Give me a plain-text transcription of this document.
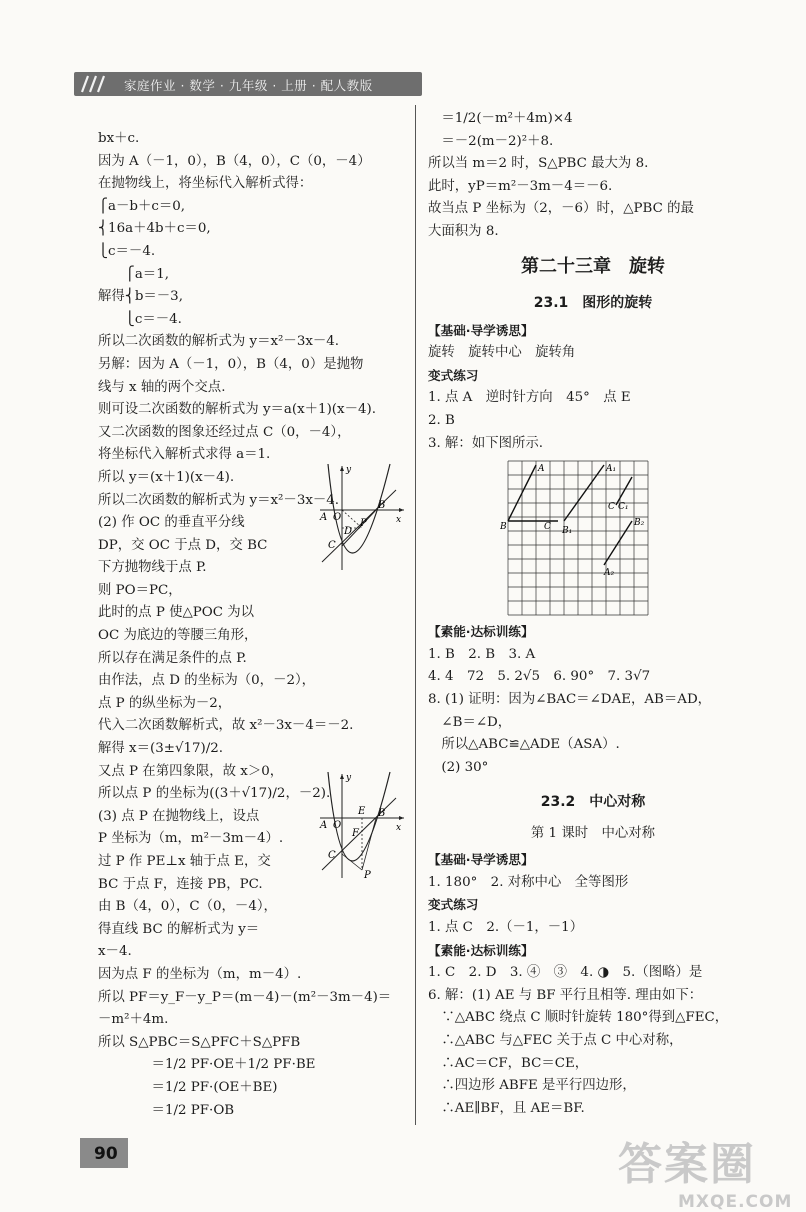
家庭作业 · 数学 · 九年级 · 上册 · 配人教版
bx＋c.
因为 A（－1，0），B（4，0），C（0，－4）
在抛物线上，将坐标代入解析式得：
⎧a－b＋c＝0,
⎨16a＋4b＋c＝0,
⎩c＝－4.
　　⎧a＝1,
解得⎨b＝－3,
　　⎩c＝－4.
所以二次函数的解析式为 y＝x²－3x－4.
另解：因为 A（－1，0），B（4，0）是抛物
线与 x 轴的两个交点.
则可设二次函数的解析式为 y＝a(x＋1)(x－4).
又二次函数的图象还经过点 C（0，－4），
将坐标代入解析式求得 a＝1.
所以 y＝(x＋1)(x－4).
所以二次函数的解析式为 y＝x²－3x－4.
(2) 作 OC 的垂直平分线
DP，交 OC 于点 D，交 BC
下方抛物线于点 P.
则 PO＝PC，
此时的点 P 使△POC 为以
OC 为底边的等腰三角形，
所以存在满足条件的点 P.
由作法，点 D 的坐标为（0，－2），
点 P 的纵坐标为－2，
代入二次函数解析式，故 x²－3x－4＝－2.
解得 x＝(3±√17)/2.
又点 P 在第四象限，故 x＞0，
所以点 P 的坐标为((3＋√17)/2，－2).
(3) 点 P 在抛物线上，设点
P 坐标为（m，m²－3m－4）.
过 P 作 PE⊥x 轴于点 E，交
BC 于点 F，连接 PB，PC.
由 B（4，0），C（0，－4），
得直线 BC 的解析式为 y＝
x－4.
因为点 F 的坐标为（m，m－4）.
所以 PF＝y_F－y_P＝(m－4)－(m²－3m－4)＝
－m²＋4m.
所以 S△PBC＝S△PFC＋S△PFB
　　　　＝1/2 PF·OE＋1/2 PF·BE
　　　　＝1/2 PF·(OE＋BE)
　　　　＝1/2 PF·OB
A O
D
C
P
B
x
y
A O
E
F
B
C
P
x
y
　＝1/2(－m²＋4m)×4
　＝－2(m－2)²＋8.
所以当 m＝2 时，S△PBC 最大为 8.
此时，yP＝m²－3m－4＝－6.
故当点 P 坐标为（2，－6）时，△PBC 的最
大面积为 8.
第二十三章　旋转
23.1　图形的旋转
【基础·导学诱思】
旋转　旋转中心　旋转角
变式练习
1. 点 A　逆时针方向　45°　点 E
2. B
3. 解：如下图所示.
A	A₁
B	C B₁
C C₁
B₂
A₂
【素能·达标训练】
1. B　2. B　3. A
4. 4　72　5. 2√5　6. 90°　7. 3√7
8. (1) 证明：因为∠BAC＝∠DAE，AB＝AD，
　∠B＝∠D，
　所以△ABC≌△ADE（ASA）.
　(2) 30°
23.2　中心对称
第 1 课时　中心对称
【基础·导学诱思】
1. 180°　2. 对称中心　全等图形
变式练习
1. 点 C　2.（－1，－1）
【素能·达标训练】
1. C　2. D　3. ④　③　4. ◑　5.（图略）是
6. 解：(1) AE 与 BF 平行且相等. 理由如下：
　∵△ABC 绕点 C 顺时针旋转 180°得到△FEC，
　∴△ABC 与△FEC 关于点 C 中心对称，
　∴AC＝CF，BC＝CE，
　∴四边形 ABFE 是平行四边形，
　∴AE∥BF，且 AE＝BF.
90	答案圈
MXQE.COM
